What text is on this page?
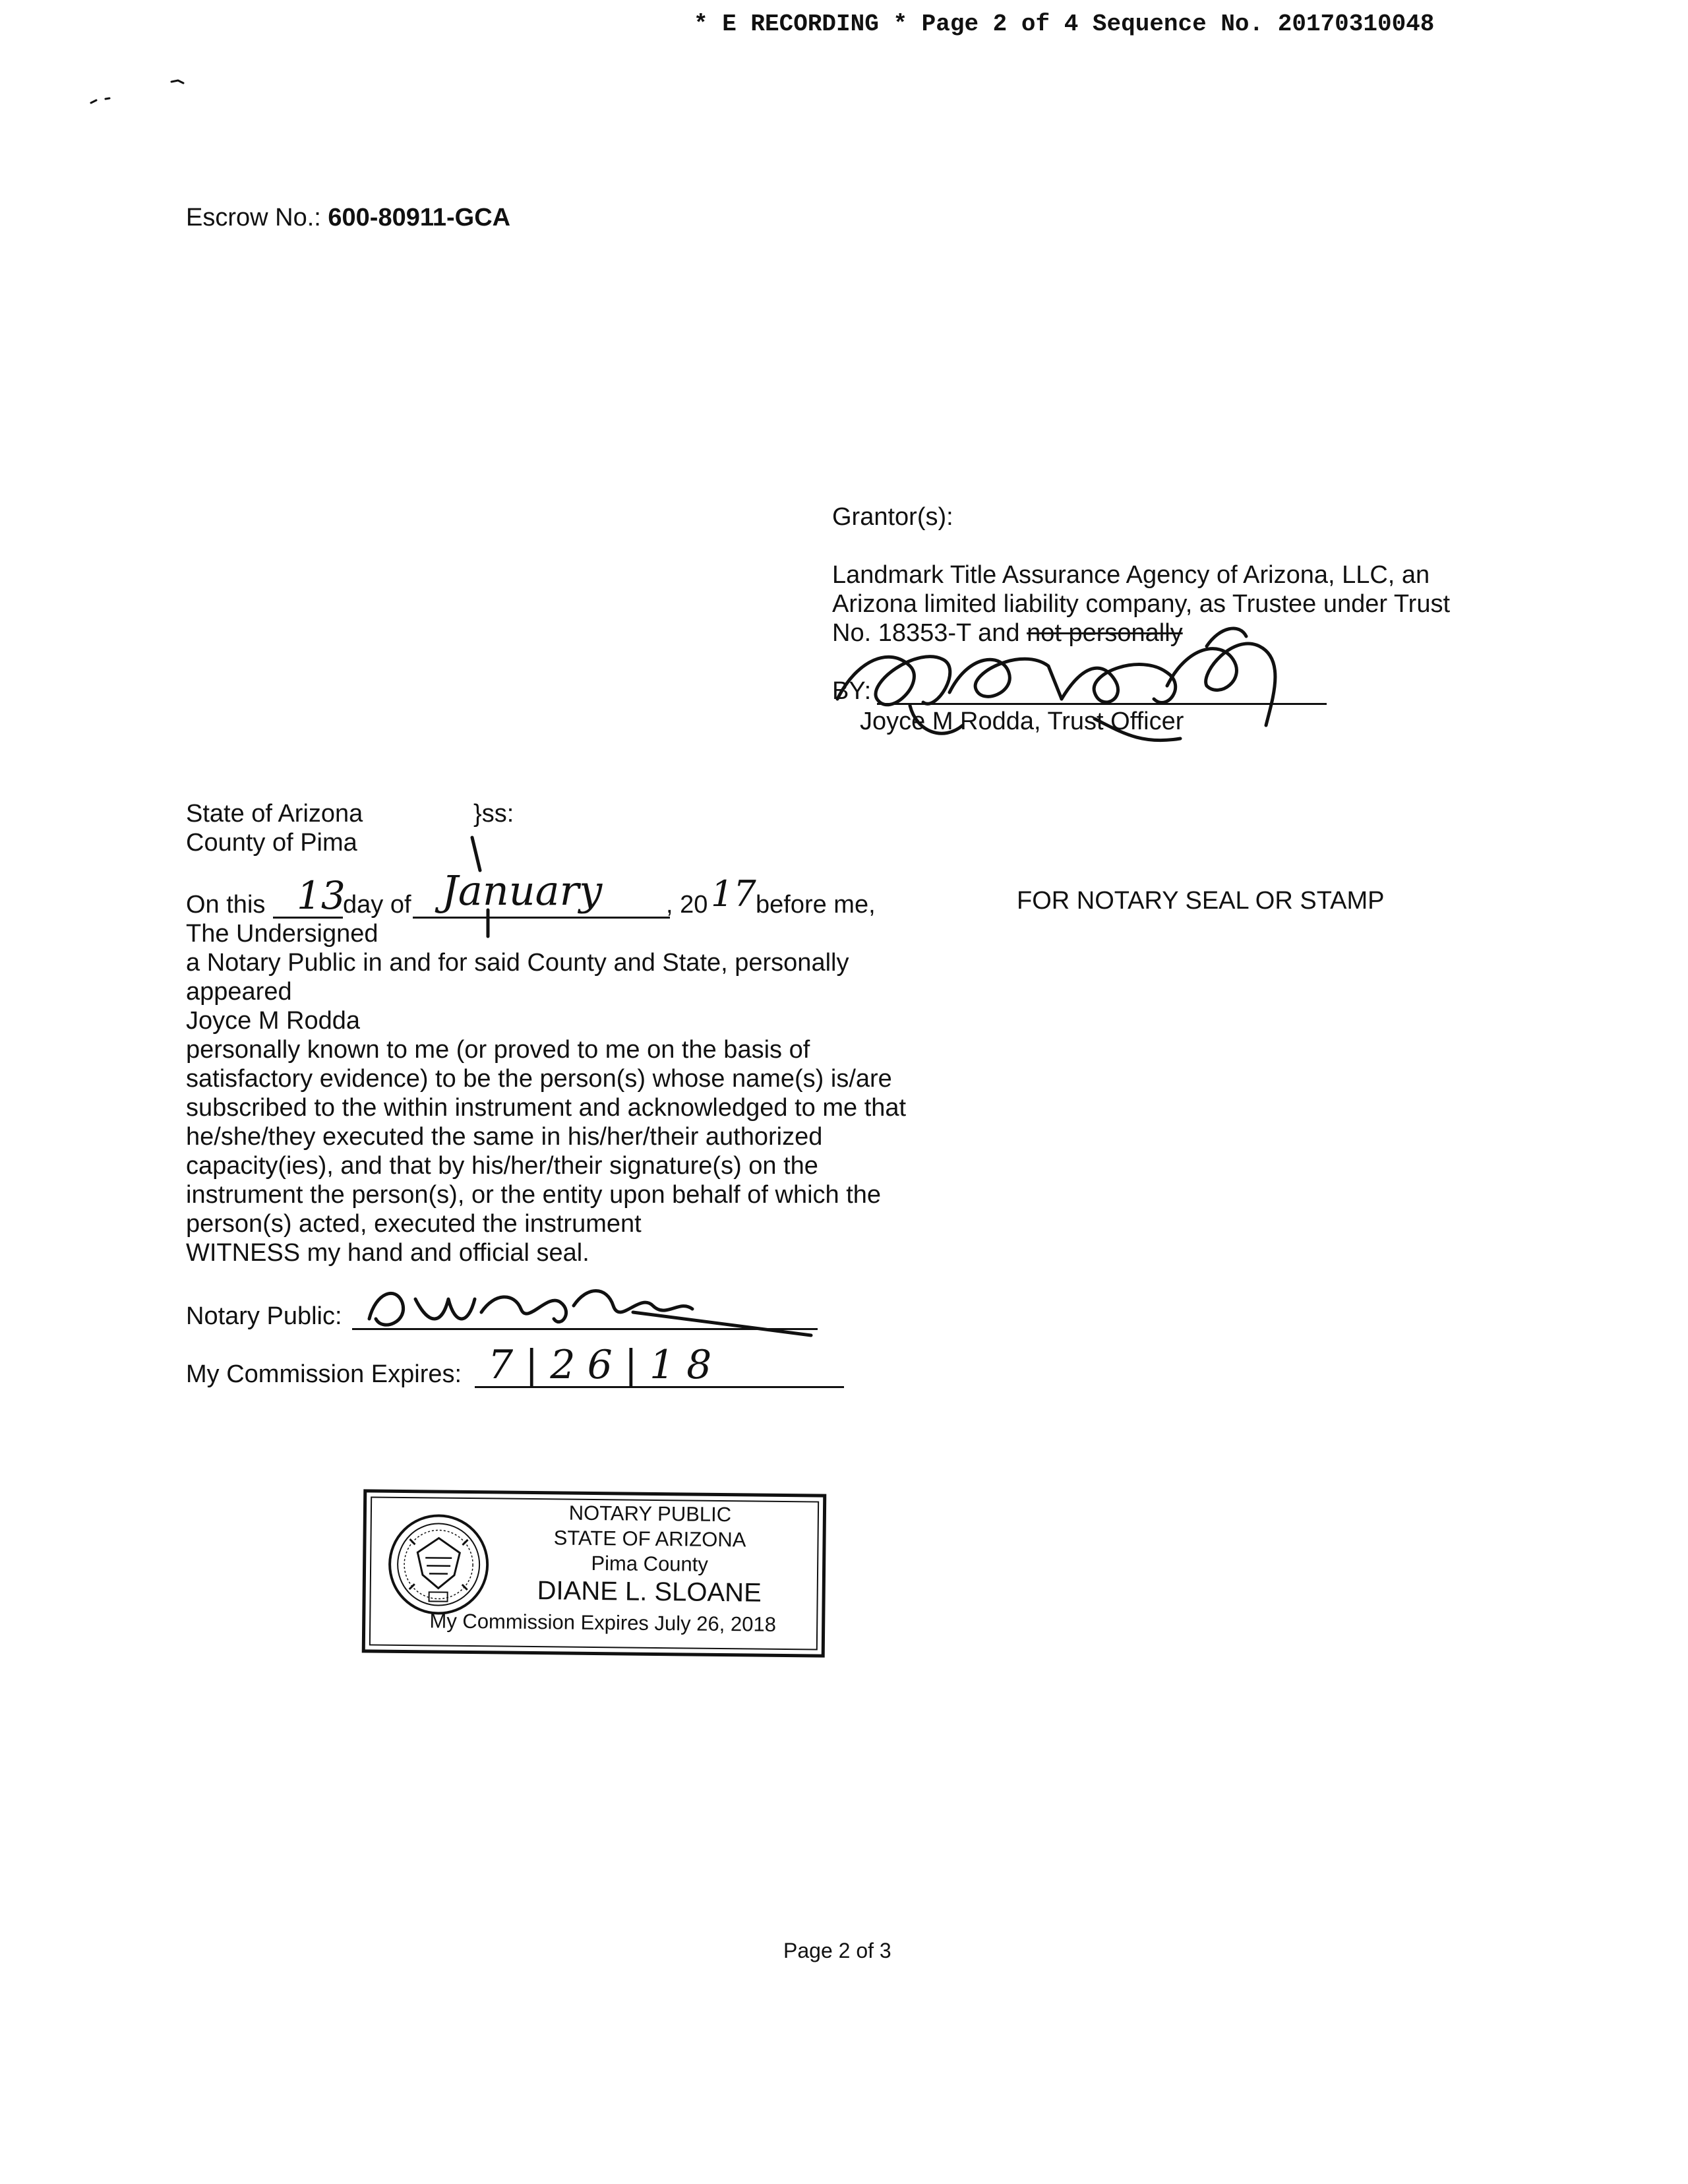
* E RECORDING * Page 2 of 4 Sequence No. 20170310048
Escrow No.: 600-80911-GCA
Grantor(s):
Landmark Title Assurance Agency of Arizona, LLC, an
Arizona limited liability company, as Trustee under Trust
No. 18353-T and not personally
BY:
Joyce M Rodda, Trust Officer
State of Arizona	}ss:
County of Pima
On this 13
day of January	, 20 17 before me,
The Undersigned
a Notary Public in and for said County and State, personally
appeared
Joyce M Rodda
personally known to me (or proved to me on the basis of
satisfactory evidence) to be the person(s) whose name(s) is/are
subscribed to the within instrument and acknowledged to me that
he/she/they executed the same in his/her/their authorized
capacity(ies), and that by his/her/their signature(s) on the
instrument the person(s), or the entity upon behalf of which the
person(s) acted, executed the instrument
WITNESS my hand and official seal.
Notary Public:
My Commission Expires: 7|26|18
FOR NOTARY SEAL OR STAMP
NOTARY PUBLIC
STATE OF ARIZONA
Pima County
DIANE L. SLOANE
My Commission Expires July 26, 2018
Page 2 of 3
